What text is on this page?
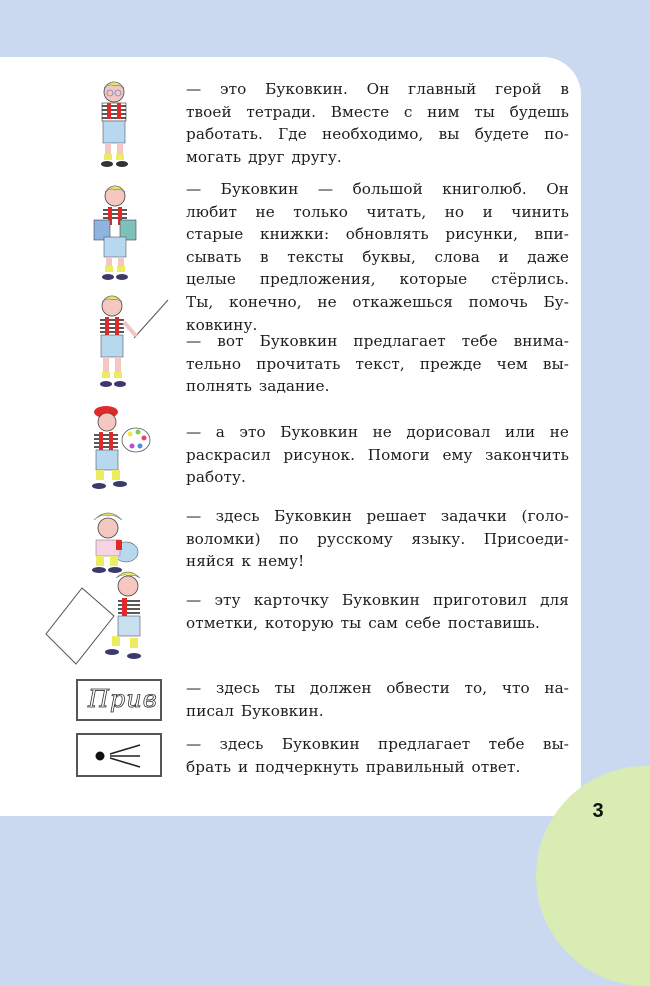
3
— это Буковкин. Он главный герой в
твоей тетради. Вместе с ним ты будешь
работать. Где необходимо, вы будете по-
могать друг другу.
— Буковкин — большой книголюб. Он
любит не только читать, но и чинить
старые книжки: обновлять рисунки, впи-
сывать в тексты буквы, слова и даже
целые предложения, которые стёрлись.
Ты, конечно, не откажешься помочь Бу-
ковкину.
— вот Буковкин предлагает тебе внима-
тельно прочитать текст, прежде чем вы-
полнять задание.
— а это Буковкин не дорисовал или не
раскрасил рисунок. Помоги ему закончить
работу.
— здесь Буковкин решает задачки (голо-
воломки) по русскому языку. Присоеди-
няйся к нему!
— эту карточку Буковкин приготовил для
отметки, которую ты сам себе поставишь.
Прив — здесь ты должен обвести то, что на-
писал Буковкин.
— здесь Буковкин предлагает тебе вы-
брать и подчеркнуть правильный ответ.
